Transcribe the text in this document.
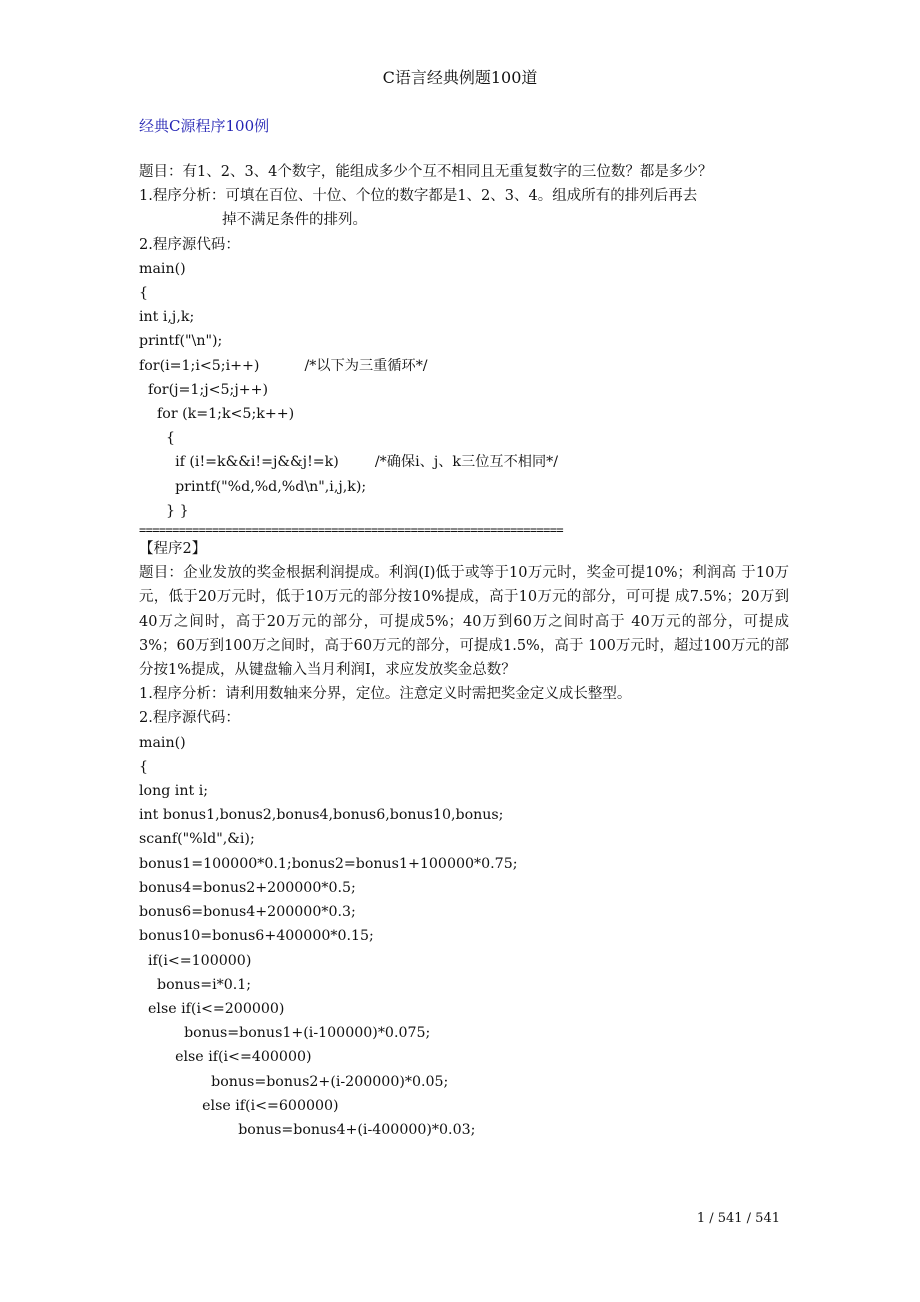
C语言经典例题100道
经典C源程序100例

题目：有1、2、3、4个数字，能组成多少个互不相同且无重复数字的三位数？都是多少？

1.程序分析：可填在百位、十位、个位的数字都是1、2、3、4。组成所有的排列后再去

掉不满足条件的排列。

2.程序源代码：

main()
{
int i,j,k;
printf("\n");
for(i=1;i<5;i++)          /*以下为三重循环*/
for(j=1;j<5;j++)
for (k=1;k<5;k++)
{
if (i!=k&&i!=j&&j!=k)        /*确保i、j、k三位互不相同*/
printf("%d,%d,%d\n",i,j,k);
} }
================================================================

【程序2】

题目：企业发放的奖金根据利润提成。利润(I)低于或等于10万元时，奖金可提10%；利润高 于10万元，低于20万元时，低于10万元的部分按10%提成，高于10万元的部分，可可提 成7.5%；20万到40万之间时，高于20万元的部分，可提成5%；40万到60万之间时高于 40万元的部分，可提成3%；60万到100万之间时，高于60万元的部分，可提成1.5%，高于 100万元时，超过100万元的部分按1%提成，从键盘输入当月利润I，求应发放奖金总数？

1.程序分析：请利用数轴来分界，定位。注意定义时需把奖金定义成长整型。

2.程序源代码：

main()
{
long int i;
int bonus1,bonus2,bonus4,bonus6,bonus10,bonus;
scanf("%ld",&i);
bonus1=100000*0.1;bonus2=bonus1+100000*0.75;
bonus4=bonus2+200000*0.5;
bonus6=bonus4+200000*0.3;
bonus10=bonus6+400000*0.15;
if(i<=100000)
bonus=i*0.1;
else if(i<=200000)
bonus=bonus1+(i-100000)*0.075;
else if(i<=400000)
bonus=bonus2+(i-200000)*0.05;
else if(i<=600000)
bonus=bonus4+(i-400000)*0.03;
1 / 541 / 541
